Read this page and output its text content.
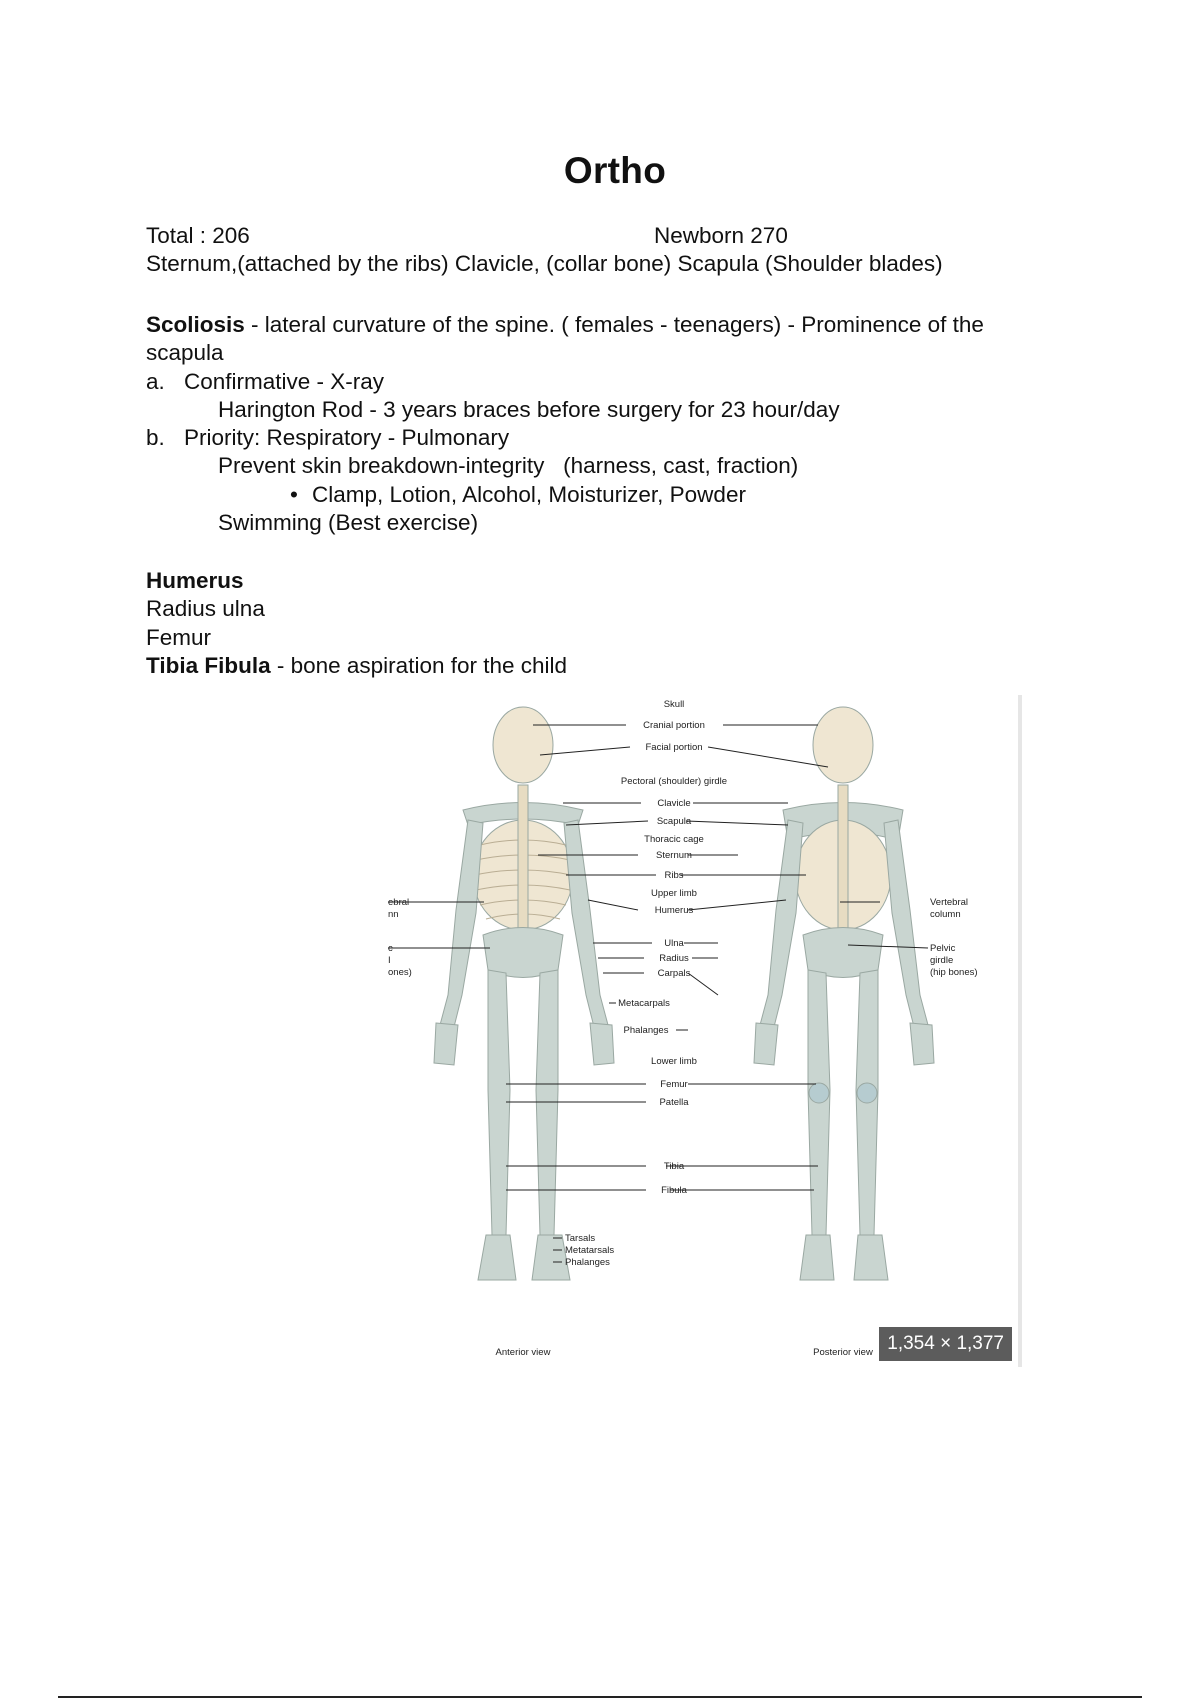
Ortho
Total : 206	Newborn 270
Sternum,(attached by the ribs) Clavicle, (collar bone) Scapula (Shoulder blades)
Scoliosis - lateral curvature of the spine. ( females - teenagers) - Prominence of the
scapula
a. Confirmative - X-ray
Harington Rod - 3 years braces before surgery for 23 hour/day
b. Priority: Respiratory - Pulmonary
Prevent skin breakdown-integrity   (harness, cast, fraction)
• Clamp, Lotion, Alcohol, Moisturizer, Powder
Swimming (Best exercise)
Humerus
Radius ulna
Femur
Tibia Fibula - bone aspiration for the child
Skull
Cranial portion
Facial portion
Pectoral (shoulder) girdle
Clavicle
Scapula
Thoracic cage
Sternum
Ribs
Upper limb
Humerus
Ulna
Radius
Carpals
Metacarpals
Phalanges
Lower limb
Femur
Patella
Tibia
Fibula
Tarsals
Metatarsals
Phalanges
Vertebral
column
Pelvic
girdle
(hip bones)
ebral
nn
c
I
ones)
Anterior view	Posterior view 1,354 × 1,377
